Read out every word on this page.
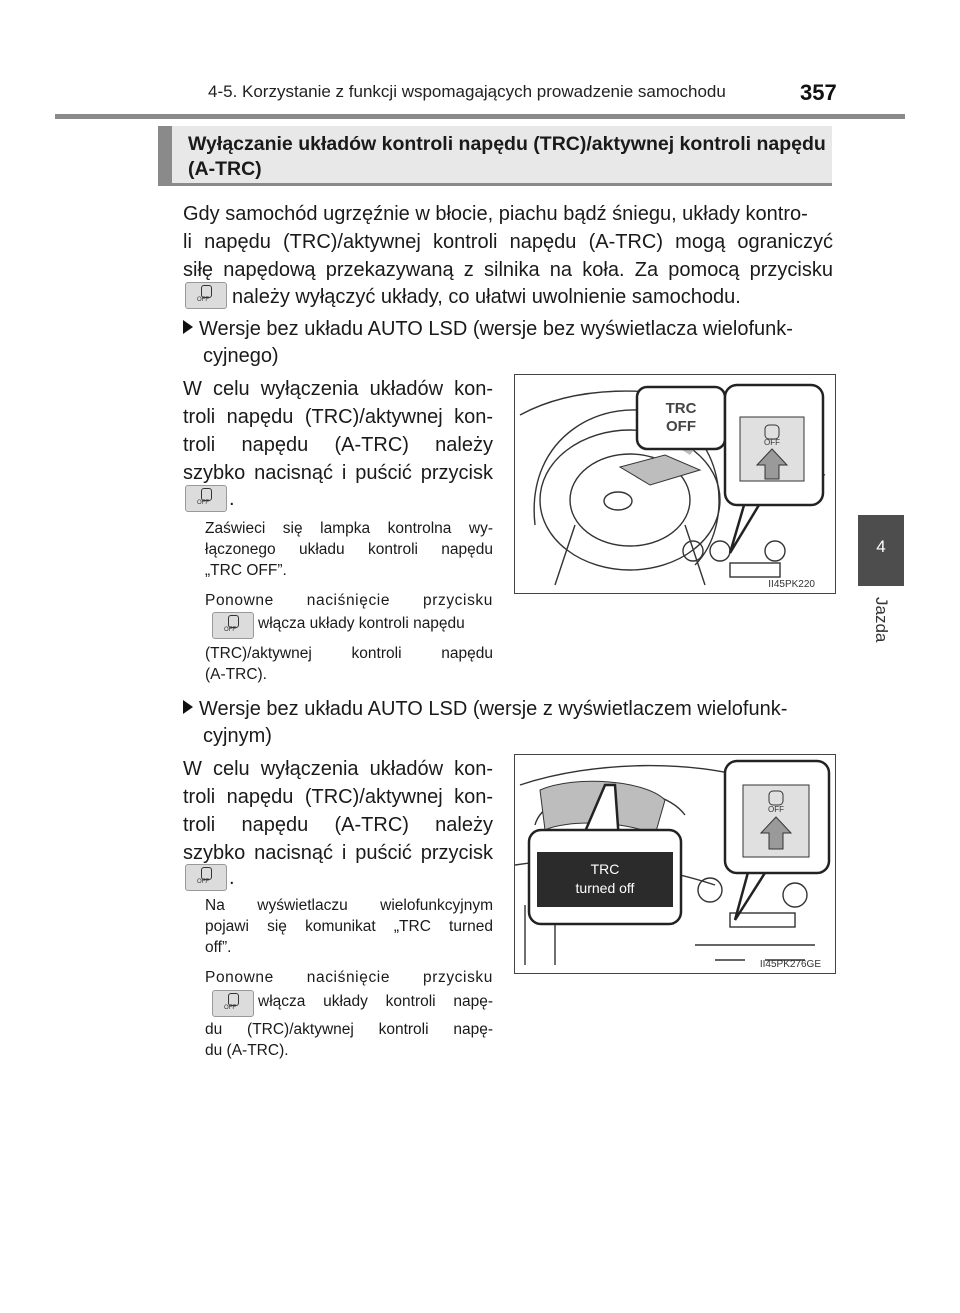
4-5. Korzystanie z funkcji wspomagających prowadzenie samochodu	357
4
Jazda
Wyłączanie układów kontroli napędu (TRC)/aktywnej kontroli napędu (A-TRC)
Gdy samochód ugrzęźnie w błocie, piachu bądź śniegu, układy kontro-
li napędu (TRC)/aktywnej kontroli napędu (A-TRC) mogą ograniczyć
siłę napędową przekazywaną z silnika na koła. Za pomocą przycisku
OFF należy wyłączyć układy, co ułatwi uwolnienie samochodu.
Wersje bez układu AUTO LSD (wersje bez wyświetlacza wielofunk-
cyjnego)
W celu wyłączenia układów kon-
troli napędu (TRC)/aktywnej kon-
troli napędu (A-TRC) należy
szybko nacisnąć i puścić przycisk
OFF .
Zaświeci się lampka kontrolna wy-
łączonego układu kontroli napędu
„TRC OFF”.
Ponowne naciśnięcie przycisku
OFF włącza układy kontroli napędu
(TRC)/aktywnej kontroli napędu
(A-TRC).
TRC
OFF
OFF
II45PK220
Wersje bez układu AUTO LSD (wersje z wyświetlaczem wielofunk-
cyjnym)
W celu wyłączenia układów kon-
troli napędu (TRC)/aktywnej kon-
troli napędu (A-TRC) należy
szybko nacisnąć i puścić przycisk
OFF .
Na wyświetlaczu wielofunkcyjnym
pojawi się komunikat „TRC turned
off”.
Ponowne naciśnięcie przycisku
OFF włącza układy kontroli napę-
du (TRC)/aktywnej kontroli napę-
du (A-TRC).
TRC
turned off
OFF
II45PK276GE
